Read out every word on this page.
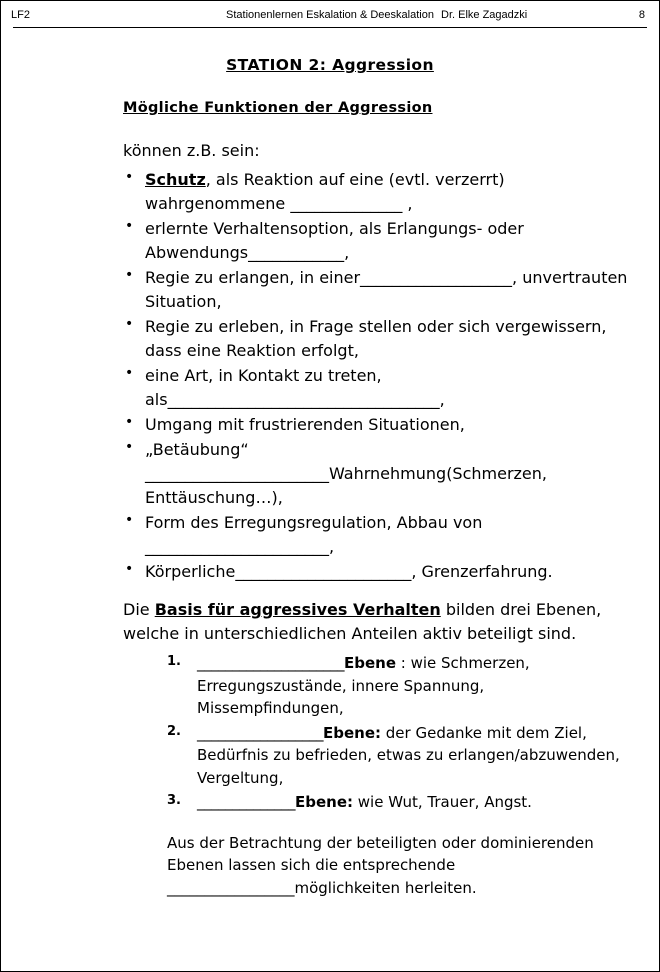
LF2	Stationenlernen Eskalation & Deeskalation Dr. Elke Zagadzki	8
STATION 2: Aggression
Mögliche Funktionen der Aggression
können z.B. sein:
• Schutz, als Reaktion auf eine (evtl. verzerrt) wahrgenommene ______________ ,
• erlernte Verhaltensoption, als Erlangungs- oder Abwendungs____________,
• Regie zu erlangen, in einer___________________, unvertrauten Situation,
• Regie zu erleben, in Frage stellen oder sich vergewissern, dass eine Reaktion erfolgt,
• eine Art, in Kontakt zu treten, als__________________________________,
• Umgang mit frustrierenden Situationen,
• „Betäubung“ _______________________Wahrnehmung(Schmerzen, Enttäuschung…),
• Form des Erregungsregulation, Abbau von _______________________,
• Körperliche______________________, Grenzerfahrung.
Die Basis für aggressives Verhalten bilden drei Ebenen, welche in unterschiedlichen Anteilen aktiv beteiligt sind.
_____________________Ebene : wie Schmerzen, Erregungszustände, innere Spannung, Missempfindungen,
__________________Ebene: der Gedanke mit dem Ziel, Bedürfnis zu befrieden, etwas zu erlangen/abzuwenden, Vergeltung,
______________Ebene: wie Wut, Trauer, Angst.
Aus der Betrachtung der beteiligten oder dominierenden Ebenen lassen sich die entsprechende _________________möglichkeiten herleiten.
